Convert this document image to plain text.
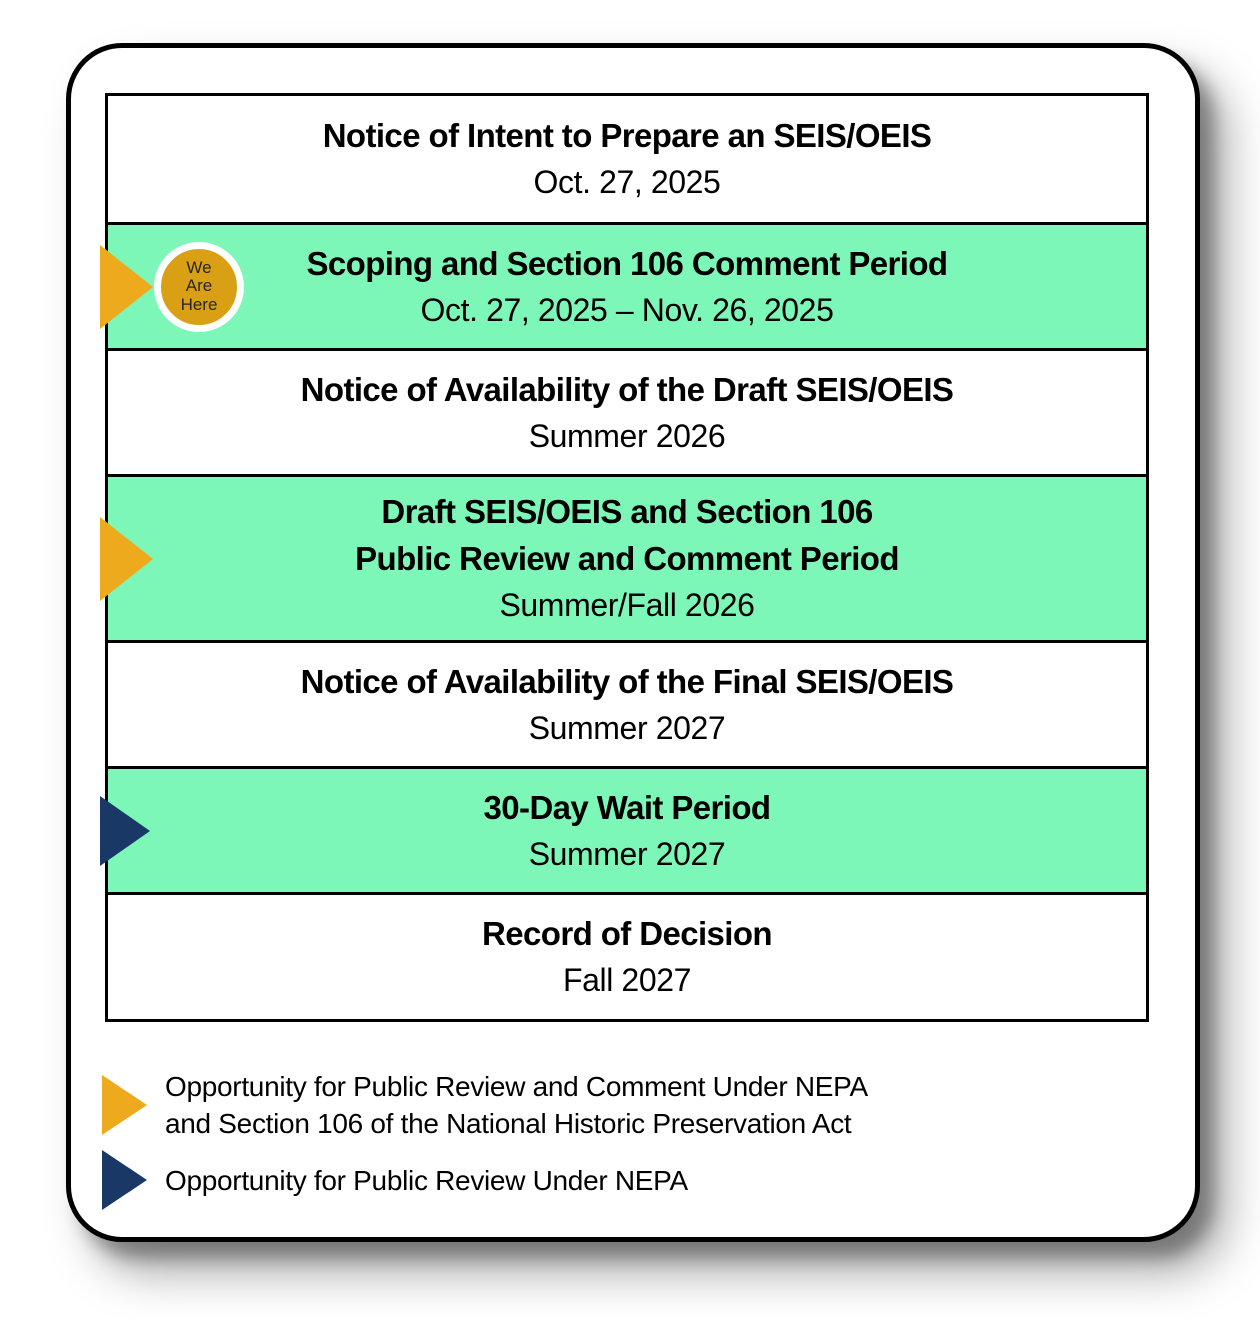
Notice of Intent to Prepare an SEIS/OEIS
Oct. 27, 2025
We
Are
Here
Scoping and Section 106 Comment Period
Oct. 27, 2025 – Nov. 26, 2025
Notice of Availability of the Draft SEIS/OEIS
Summer 2026
Draft SEIS/OEIS and Section 106
Public Review and Comment Period
Summer/Fall 2026
Notice of Availability of the Final SEIS/OEIS
Summer 2027
30-Day Wait Period
Summer 2027
Record of Decision
Fall 2027
Opportunity for Public Review and Comment Under NEPA
and Section 106 of the National Historic Preservation Act
Opportunity for Public Review Under NEPA
